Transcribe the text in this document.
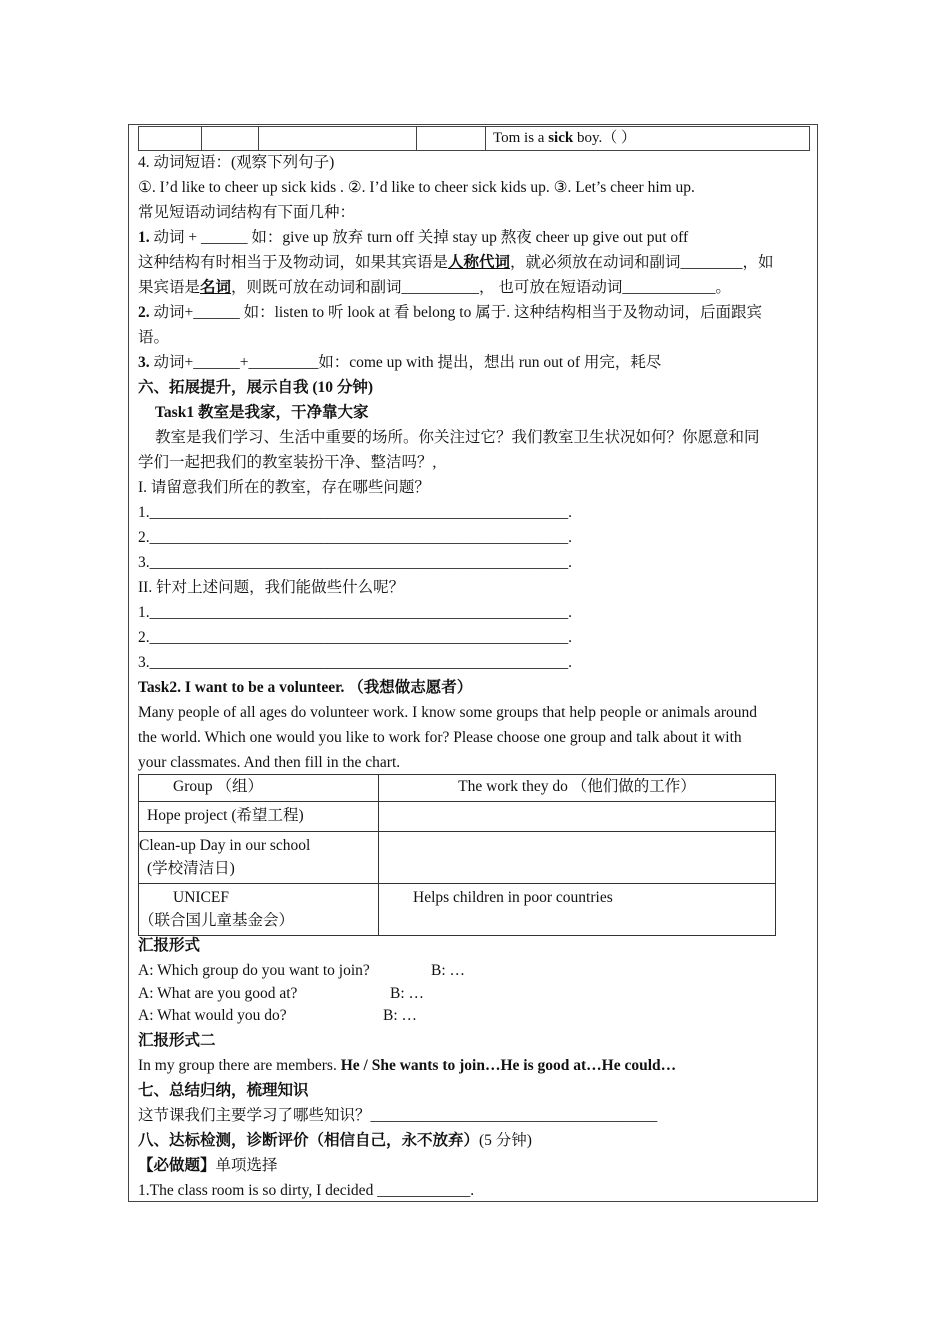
Tom is a sick boy.（ ）
4. 动词短语：(观察下列句子)
①. I’d like to cheer up sick kids . ②. I’d like to cheer sick kids up. ③. Let’s cheer him up.
常见短语动词结构有下面几种：
1. 动词 + ______ 如：give up 放弃 turn off 关掉 stay up 熬夜 cheer up give out put off
这种结构有时相当于及物动词，如果其宾语是人称代词，就必须放在动词和副词________，如
果宾语是名词，则既可放在动词和副词__________， 也可放在短语动词____________。
2. 动词+______ 如：listen to 听 look at 看 belong to 属于. 这种结构相当于及物动词，后面跟宾
语。
3. 动词+______+_________如：come up with 提出，想出 run out of 用完，耗尽
六、拓展提升，展示自我 (10 分钟)
Task1 教室是我家，干净靠大家
教室是我们学习、生活中重要的场所。你关注过它？我们教室卫生状况如何？你愿意和同
学们一起把我们的教室装扮干净、整洁吗？,
I. 请留意我们所在的教室，存在哪些问题？
1.______________________________________________________.
2.______________________________________________________.
3.______________________________________________________.
II. 针对上述问题，我们能做些什么呢？
1.______________________________________________________.
2.______________________________________________________.
3.______________________________________________________.
Task2. I want to be a volunteer. （我想做志愿者）
Many people of all ages do volunteer work. I know some groups that help people or animals around
the world. Which one would you like to work for? Please choose one group and talk about it with
your classmates. And then fill in the chart.
Group （组）	The work they do （他们做的工作）
Hope project (希望工程)	

Clean-up Day in our school
(学校清洁日)	

UNICEF
（联合国儿童基金会）	Helps children in poor countries
汇报形式
A: Which group do you want to join?	B: …
A: What are you good at?	B: …
A: What would you do?	B: …
汇报形式二
In my group there are members. He / She wants to join…He is good at…He could…
七、总结归纳，梳理知识
这节课我们主要学习了哪些知识？_____________________________________
八、达标检测，诊断评价（相信自己，永不放弃）(5 分钟)
【必做题】单项选择
1.The class room is so dirty, I decided ____________.
